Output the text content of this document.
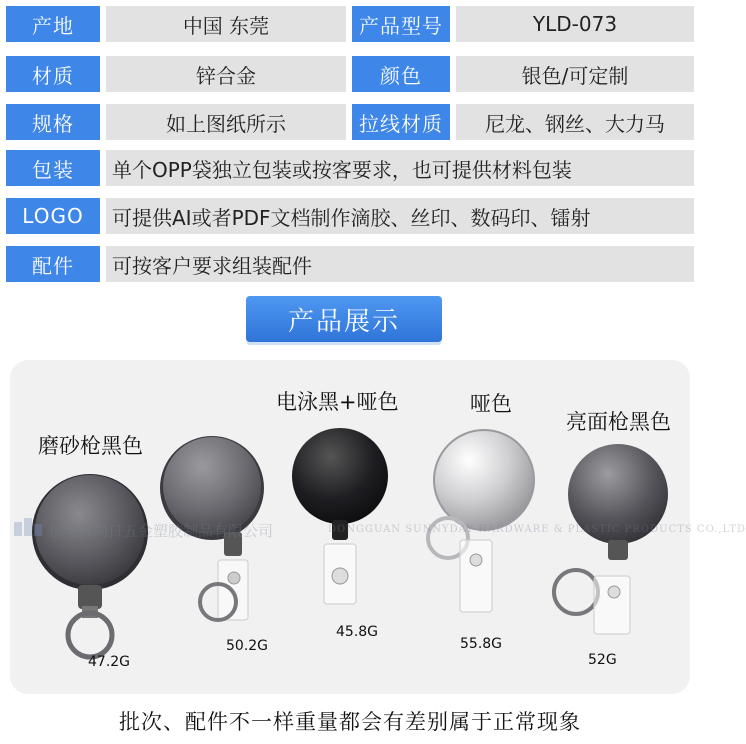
产地	中国 东莞	产品型号	YLD-073
材质	锌合金	颜色	银色/可定制
规格	如上图纸所示	拉线材质	尼龙、钢丝、大力马
包装	单个OPP袋独立包装或按客要求，也可提供材料包装
LOGO	可提供AI或者PDF文档制作滴胶、丝印、数码印、镭射
配件	可按客户要求组装配件
产品展示
磨砂枪黑色
电泳黑+哑色	哑色
亮面枪黑色
东莞市尚日五金塑胶制品有限公司	DONGGUAN SUNNYDAY HARDWARE & PLASTIC PRODUCTS CO.,LTD
47.2G
50.2G
45.8G
55.8G
52G
批次、配件不一样重量都会有差别属于正常现象
